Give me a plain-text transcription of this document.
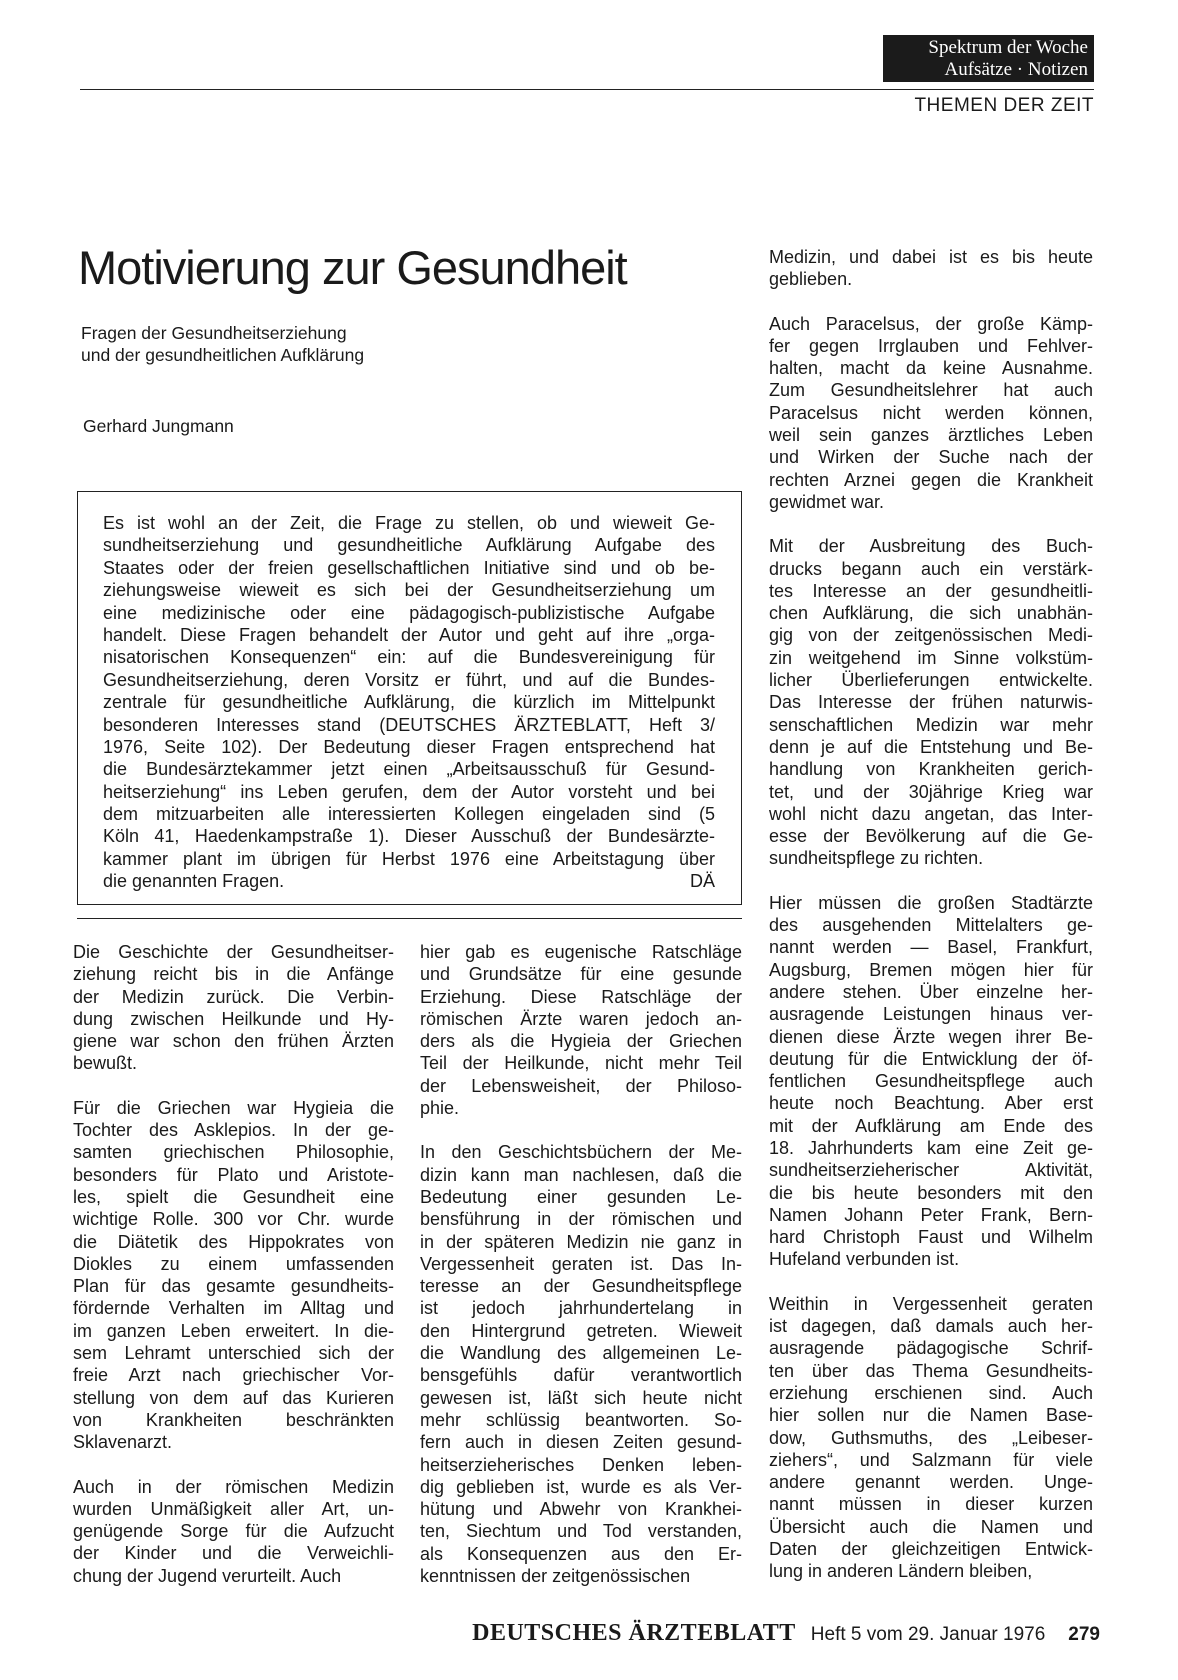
Spektrum der Woche
Aufsätze · Notizen
THEMEN DER ZEIT
Motivierung zur Gesundheit
Fragen der Gesundheitserziehung
und der gesundheitlichen Aufklärung
Gerhard Jungmann
Es ist wohl an der Zeit, die Frage zu stellen, ob und wieweit Ge-
sundheitserziehung und gesundheitliche Aufklärung Aufgabe des
Staates oder der freien gesellschaftlichen Initiative sind und ob be-
ziehungsweise wieweit es sich bei der Gesundheitserziehung um
eine medizinische oder eine pädagogisch-publizistische Aufgabe
handelt. Diese Fragen behandelt der Autor und geht auf ihre „orga-
nisatorischen Konsequenzen“ ein: auf die Bundesvereinigung für
Gesundheitserziehung, deren Vorsitz er führt, und auf die Bundes-
zentrale für gesundheitliche Aufklärung, die kürzlich im Mittelpunkt
besonderen Interesses stand (DEUTSCHES ÄRZTEBLATT, Heft 3/
1976, Seite 102). Der Bedeutung dieser Fragen entsprechend hat
die Bundesärztekammer jetzt einen „Arbeitsausschuß für Gesund-
heitserziehung“ ins Leben gerufen, dem der Autor vorsteht und bei
dem mitzuarbeiten alle interessierten Kollegen eingeladen sind (5
Köln 41, Haedenkampstraße 1). Dieser Ausschuß der Bundesärzte-
kammer plant im übrigen für Herbst 1976 eine Arbeitstagung über
die genannten Fragen.	DÄ
Die Geschichte der Gesundheitser-
ziehung reicht bis in die Anfänge
der Medizin zurück. Die Verbin-
dung zwischen Heilkunde und Hy-
giene war schon den frühen Ärzten
bewußt.
Für die Griechen war Hygieia die
Tochter des Asklepios. In der ge-
samten griechischen Philosophie,
besonders für Plato und Aristote-
les, spielt die Gesundheit eine
wichtige Rolle. 300 vor Chr. wurde
die Diätetik des Hippokrates von
Diokles zu einem umfassenden
Plan für das gesamte gesundheits-
fördernde Verhalten im Alltag und
im ganzen Leben erweitert. In die-
sem Lehramt unterschied sich der
freie Arzt nach griechischer Vor-
stellung von dem auf das Kurieren
von Krankheiten beschränkten
Sklavenarzt.
Auch in der römischen Medizin
wurden Unmäßigkeit aller Art, un-
genügende Sorge für die Aufzucht
der Kinder und die Verweichli-
chung der Jugend verurteilt. Auch
hier gab es eugenische Ratschläge
und Grundsätze für eine gesunde
Erziehung. Diese Ratschläge der
römischen Ärzte waren jedoch an-
ders als die Hygieia der Griechen
Teil der Heilkunde, nicht mehr Teil
der Lebensweisheit, der Philoso-
phie.
In den Geschichtsbüchern der Me-
dizin kann man nachlesen, daß die
Bedeutung einer gesunden Le-
bensführung in der römischen und
in der späteren Medizin nie ganz in
Vergessenheit geraten ist. Das In-
teresse an der Gesundheitspflege
ist jedoch jahrhundertelang in
den Hintergrund getreten. Wieweit
die Wandlung des allgemeinen Le-
bensgefühls dafür verantwortlich
gewesen ist, läßt sich heute nicht
mehr schlüssig beantworten. So-
fern auch in diesen Zeiten gesund-
heitserzieherisches Denken leben-
dig geblieben ist, wurde es als Ver-
hütung und Abwehr von Krankhei-
ten, Siechtum und Tod verstanden,
als Konsequenzen aus den Er-
kenntnissen der zeitgenössischen
Medizin, und dabei ist es bis heute
geblieben.
Auch Paracelsus, der große Kämp-
fer gegen Irrglauben und Fehlver-
halten, macht da keine Ausnahme.
Zum Gesundheitslehrer hat auch
Paracelsus nicht werden können,
weil sein ganzes ärztliches Leben
und Wirken der Suche nach der
rechten Arznei gegen die Krankheit
gewidmet war.
Mit der Ausbreitung des Buch-
drucks begann auch ein verstärk-
tes Interesse an der gesundheitli-
chen Aufklärung, die sich unabhän-
gig von der zeitgenössischen Medi-
zin weitgehend im Sinne volkstüm-
licher Überlieferungen entwickelte.
Das Interesse der frühen naturwis-
senschaftlichen Medizin war mehr
denn je auf die Entstehung und Be-
handlung von Krankheiten gerich-
tet, und der 30jährige Krieg war
wohl nicht dazu angetan, das Inter-
esse der Bevölkerung auf die Ge-
sundheitspflege zu richten.
Hier müssen die großen Stadtärzte
des ausgehenden Mittelalters ge-
nannt werden — Basel, Frankfurt,
Augsburg, Bremen mögen hier für
andere stehen. Über einzelne her-
ausragende Leistungen hinaus ver-
dienen diese Ärzte wegen ihrer Be-
deutung für die Entwicklung der öf-
fentlichen Gesundheitspflege auch
heute noch Beachtung. Aber erst
mit der Aufklärung am Ende des
18. Jahrhunderts kam eine Zeit ge-
sundheitserzieherischer Aktivität,
die bis heute besonders mit den
Namen Johann Peter Frank, Bern-
hard Christoph Faust und Wilhelm
Hufeland verbunden ist.
Weithin in Vergessenheit geraten
ist dagegen, daß damals auch her-
ausragende pädagogische Schrif-
ten über das Thema Gesundheits-
erziehung erschienen sind. Auch
hier sollen nur die Namen Base-
dow, Guthsmuths, des „Leibeser-
ziehers“, und Salzmann für viele
andere genannt werden. Unge-
nannt müssen in dieser kurzen
Übersicht auch die Namen und
Daten der gleichzeitigen Entwick-
lung in anderen Ländern bleiben,
DEUTSCHES ÄRZTEBLATT Heft 5 vom 29. Januar 1976 279
